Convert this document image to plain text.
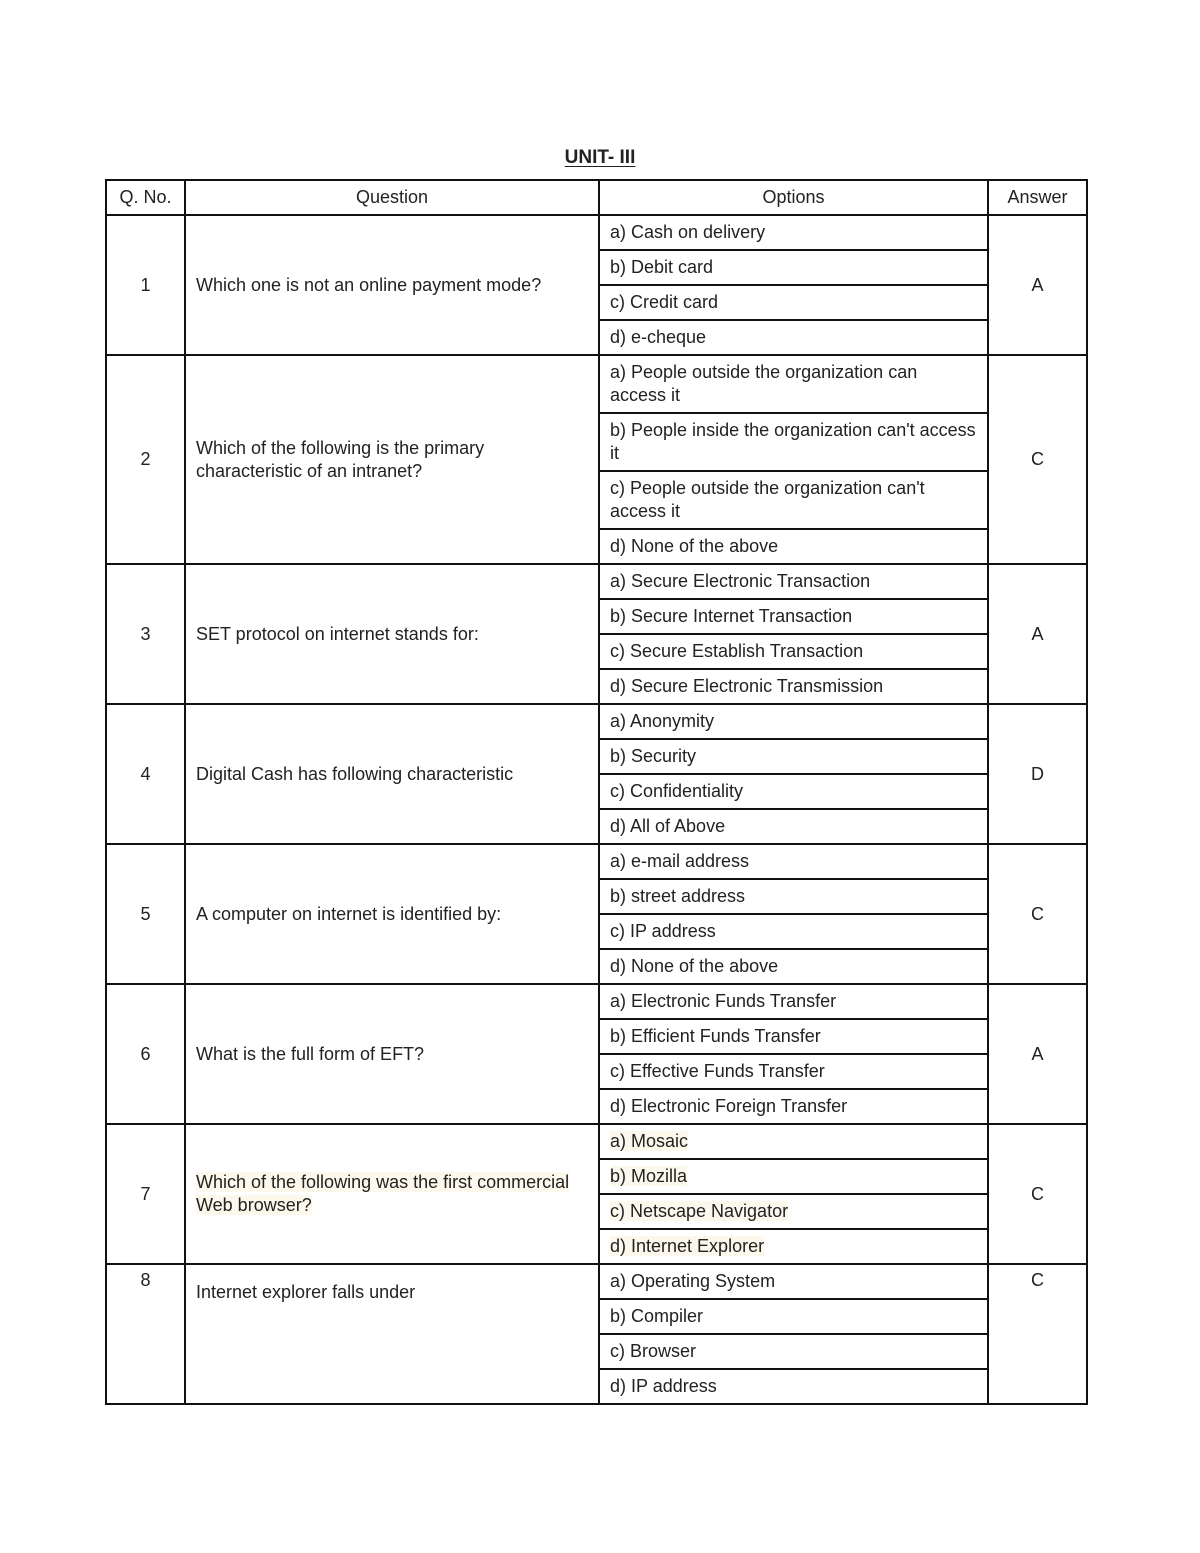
UNIT- III
Q. No.	Question	Options	Answer
1	Which one is not an online payment mode?	a) Cash on delivery	A
		b) Debit card	
		c) Credit card	
		d) e-cheque	
2	Which of the following is the primary characteristic of an intranet?	a) People outside the organization can access it	C
		b) People inside the organization can't access it	
		c) People outside the organization can't access it	
		d) None of the above	
3	SET protocol on internet stands for:	a) Secure Electronic Transaction	A
		b) Secure Internet Transaction	
		c) Secure Establish Transaction	
		d) Secure Electronic Transmission	
4	Digital Cash has following characteristic	a) Anonymity	D
		b) Security	
		c) Confidentiality	
		d) All of Above	
5	A computer on internet is identified by:	a) e-mail address	C
		b) street address	
		c) IP address	
		d) None of the above	
6	What is the full form of EFT?	a) Electronic Funds Transfer	A
		b) Efficient Funds Transfer	
		c) Effective Funds Transfer	
		d) Electronic Foreign Transfer	
7	Which of the following was the first commercial Web browser?	a) Mosaic	C
		b) Mozilla	
		c) Netscape Navigator	
		d) Internet Explorer	
8	Internet explorer falls under	a) Operating System	C
		b) Compiler	
		c) Browser	
		d) IP address	
